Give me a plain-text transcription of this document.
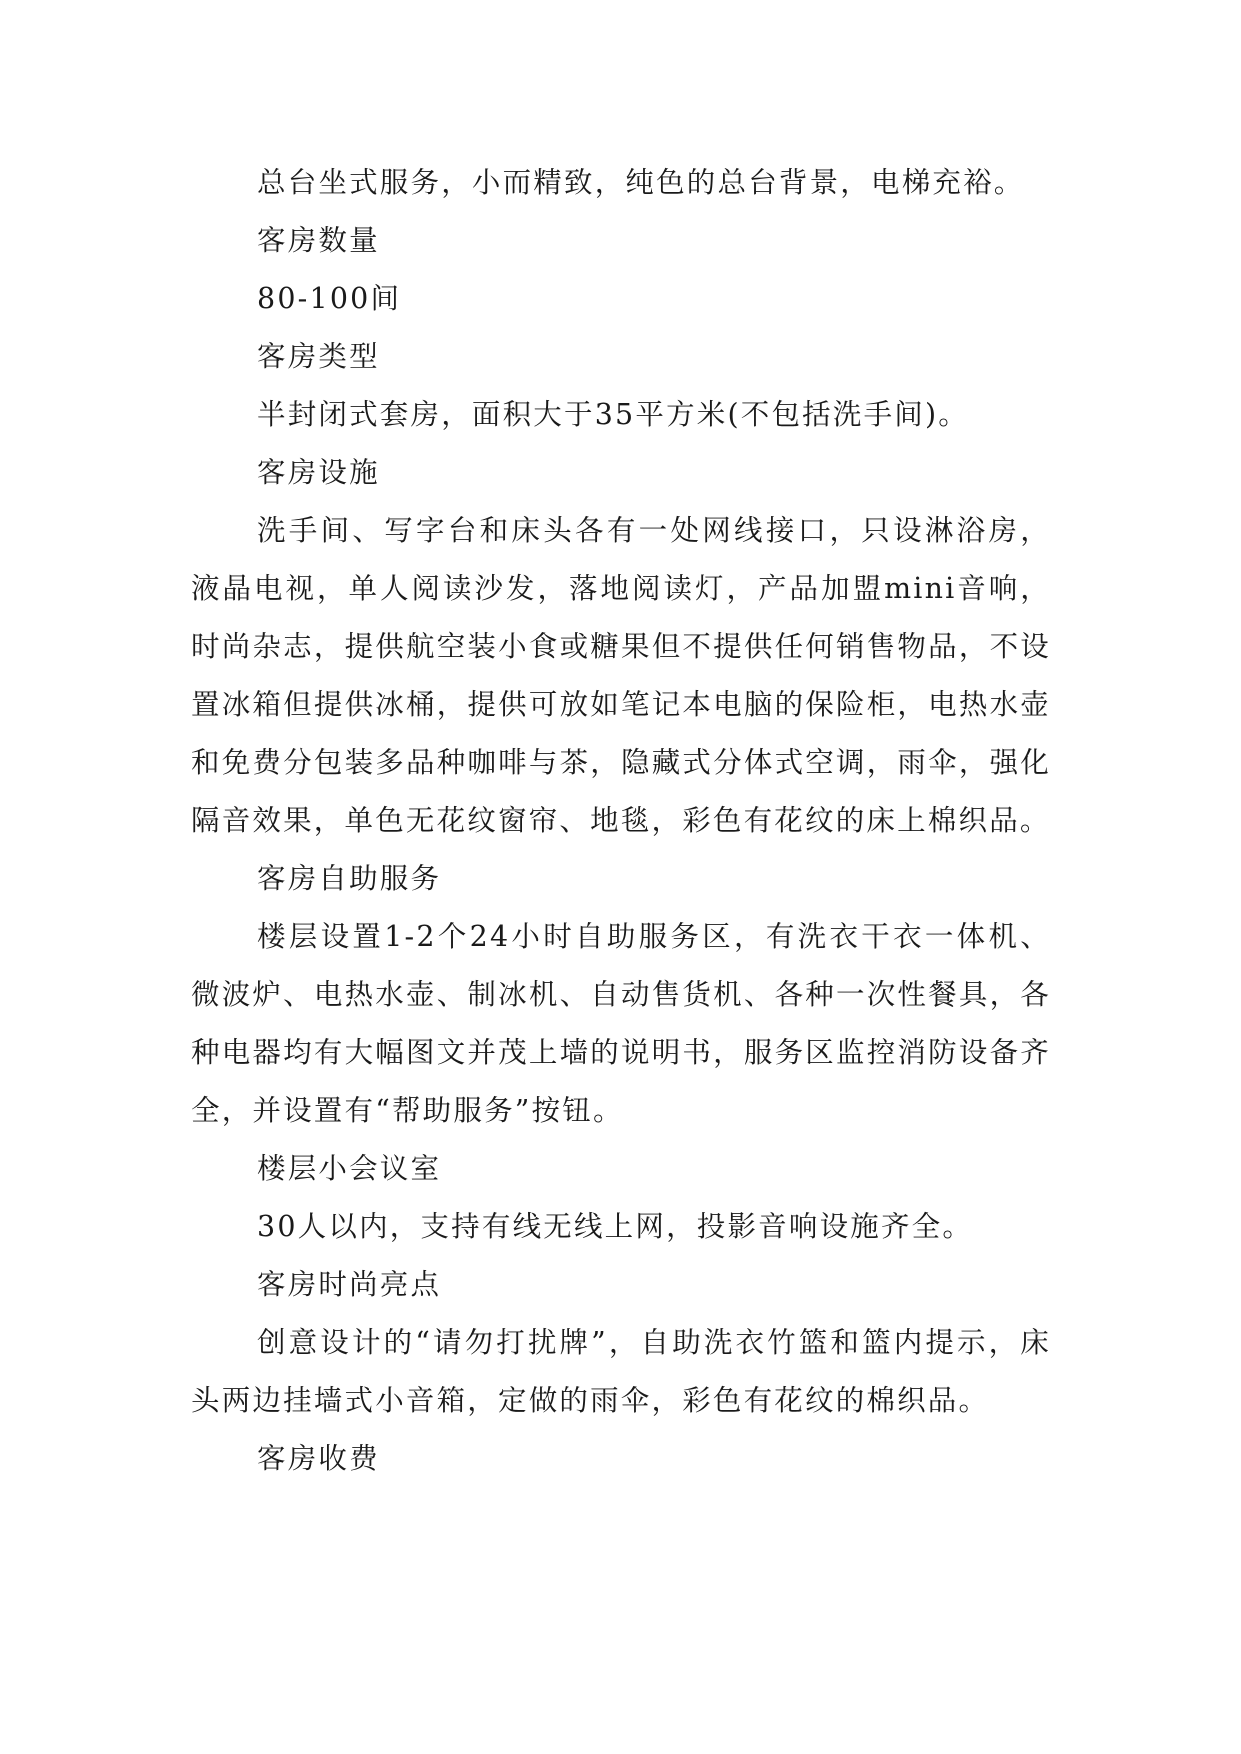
总台坐式服务，小而精致，纯色的总台背景，电梯充裕。

客房数量

80-100间

客房类型

半封闭式套房，面积大于35平方米(不包括洗手间)。

客房设施

洗手间、写字台和床头各有一处网线接口，只设淋浴房，液晶电视，单人阅读沙发，落地阅读灯，产品加盟mini音响，时尚杂志，提供航空装小食或糖果但不提供任何销售物品，不设置冰箱但提供冰桶，提供可放如笔记本电脑的保险柜，电热水壶和免费分包装多品种咖啡与茶，隐藏式分体式空调，雨伞，强化隔音效果，单色无花纹窗帘、地毯，彩色有花纹的床上棉织品。

客房自助服务

楼层设置1-2个24小时自助服务区，有洗衣干衣一体机、微波炉、电热水壶、制冰机、自动售货机、各种一次性餐具，各种电器均有大幅图文并茂上墙的说明书，服务区监控消防设备齐全，并设置有“帮助服务”按钮。

楼层小会议室

30人以内，支持有线无线上网，投影音响设施齐全。

客房时尚亮点

创意设计的“请勿打扰牌”，自助洗衣竹篮和篮内提示，床头两边挂墙式小音箱，定做的雨伞，彩色有花纹的棉织品。

客房收费
